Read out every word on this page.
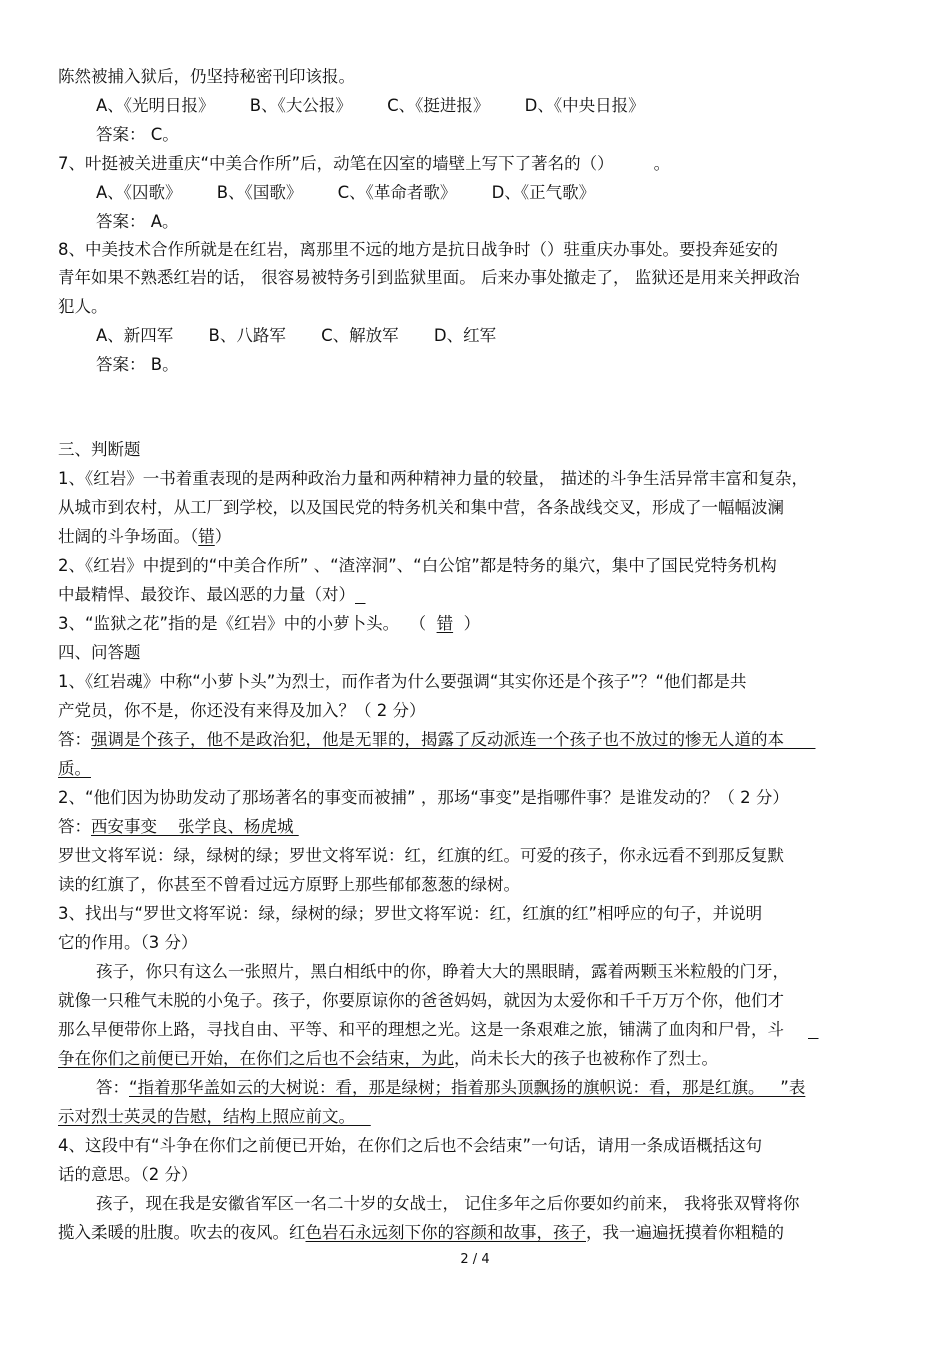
陈然被捕入狱后，仍坚持秘密刊印该报。
A、《光明日报》 B、《大公报》 C、《挺进报》 D、《中央日报》
答案： C。
7、叶挺被关进重庆“中美合作所”后，动笔在囚室的墙壁上写下了著名的（） 。
A、《囚歌》 B、《国歌》 C、《革命者歌》 D、《正气歌》
答案： A。
8、中美技术合作所就是在红岩，离那里不远的地方是抗日战争时（）驻重庆办事处。要投奔延安的
青年如果不熟悉红岩的话， 很容易被特务引到监狱里面。 后来办事处撤走了， 监狱还是用来关押政治
犯人。
A、新四军 B、八路军 C、解放军 D、红军
答案： B。
三、判断题
1、《红岩》一书着重表现的是两种政治力量和两种精神力量的较量， 描述的斗争生活异常丰富和复杂，
从城市到农村，从工厂到学校，以及国民党的特务机关和集中营，各条战线交叉，形成了一幅幅波澜
壮阔的斗争场面。（错）
2、《红岩》中提到的“中美合作所” 、“渣滓洞”、“白公馆”都是特务的巢穴，集中了国民党特务机构
中最精悍、最狡诈、最凶恶的力量（对）
3、“监狱之花”指的是《红岩》中的小萝卜头。  （  错  ）
四、问答题
1、《红岩魂》中称“小萝卜头”为烈士，而作者为什么要强调“其实你还是个孩子”？“他们都是共
产党员，你不是，你还没有来得及加入？（ 2 分）
答：强调是个孩子，他不是政治犯，他是无罪的，揭露了反动派连一个孩子也不放过的惨无人道的本
质。
2、“他们因为协助发动了那场著名的事变而被捕” ，那场“事变”是指哪件事？是谁发动的？（ 2 分）
答：西安事变    张学良、杨虎城
罗世文将军说：绿，绿树的绿；罗世文将军说：红，红旗的红。可爱的孩子，你永远看不到那反复默
读的红旗了，你甚至不曾看过远方原野上那些郁郁葱葱的绿树。
3、找出与“罗世文将军说：绿，绿树的绿；罗世文将军说：红，红旗的红”相呼应的句子，并说明
它的作用。（3 分）
孩子，你只有这么一张照片，黑白相纸中的你，睁着大大的黑眼睛，露着两颗玉米粒般的门牙，
就像一只稚气未脱的小兔子。孩子，你要原谅你的爸爸妈妈，就因为太爱你和千千万万个你，他们才
那么早便带你上路，寻找自由、平等、和平的理想之光。这是一条艰难之旅，铺满了血肉和尸骨，斗
争在你们之前便已开始，在你们之后也不会结束，为此，尚未长大的孩子也被称作了烈士。
答：“指着那华盖如云的大树说：看，那是绿树；指着那头顶飘扬的旗帜说：看，那是红旗。   ”表
示对烈士英灵的告慰，结构上照应前文。
4、这段中有“斗争在你们之前便已开始，在你们之后也不会结束”一句话，请用一条成语概括这句
话的意思。（2 分）
孩子，现在我是安徽省军区一名二十岁的女战士， 记住多年之后你要如约前来， 我将张双臂将你
揽入柔暖的肚腹。吹去的夜风。红色岩石永远刻下你的容颜和故事，孩子，我一遍遍抚摸着你粗糙的
2 / 4
